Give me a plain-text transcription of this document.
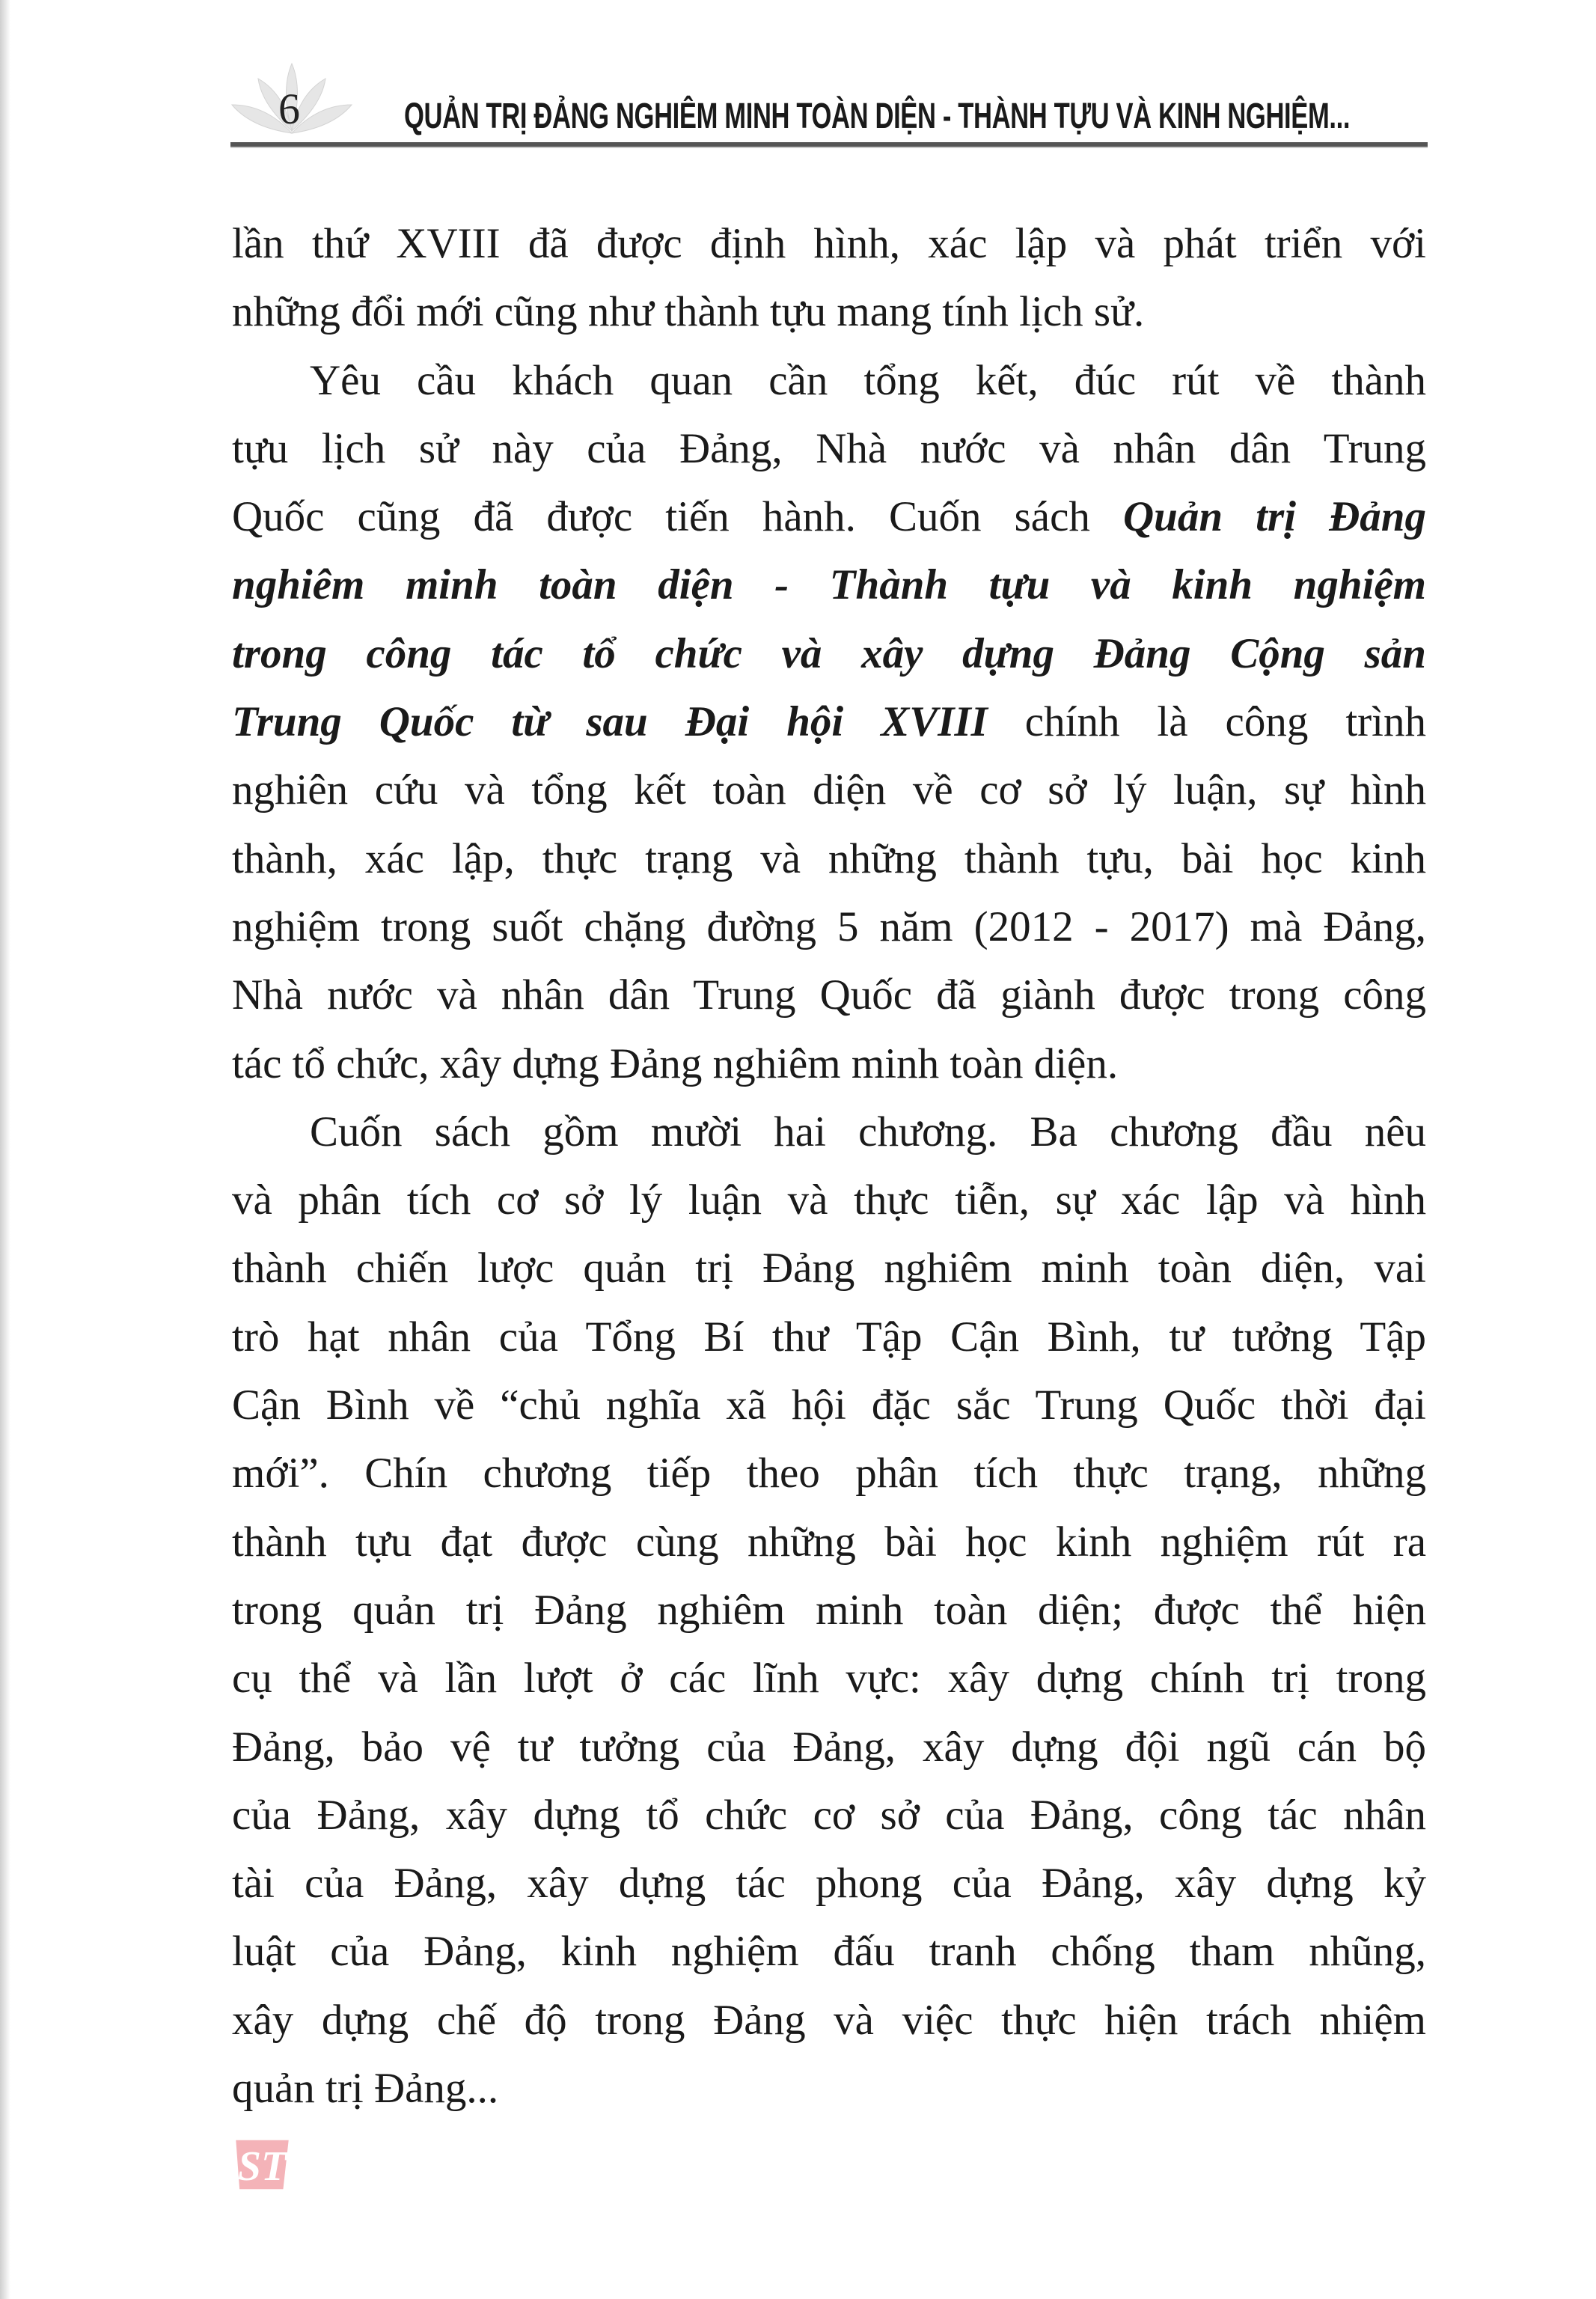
6	QUẢN TRỊ ĐẢNG NGHIÊM MINH TOÀN DIỆN - THÀNH TỰU VÀ KINH NGHIỆM...
lần thứ XVIII đã được định hình, xác lập và phát triển với
những đổi mới cũng như thành tựu mang tính lịch sử.
Yêu cầu khách quan cần tổng kết, đúc rút về thành
tựu lịch sử này của Đảng, Nhà nước và nhân dân Trung
Quốc cũng đã được tiến hành. Cuốn sách Quản trị Đảng
nghiêm minh toàn diện - Thành tựu và kinh nghiệm
trong công tác tổ chức và xây dựng Đảng Cộng sản
Trung Quốc từ sau Đại hội XVIII chính là công trình
nghiên cứu và tổng kết toàn diện về cơ sở lý luận, sự hình
thành, xác lập, thực trạng và những thành tựu, bài học kinh
nghiệm trong suốt chặng đường 5 năm (2012 - 2017) mà Đảng,
Nhà nước và nhân dân Trung Quốc đã giành được trong công
tác tổ chức, xây dựng Đảng nghiêm minh toàn diện.
Cuốn sách gồm mười hai chương. Ba chương đầu nêu
và phân tích cơ sở lý luận và thực tiễn, sự xác lập và hình
thành chiến lược quản trị Đảng nghiêm minh toàn diện, vai
trò hạt nhân của Tổng Bí thư Tập Cận Bình, tư tưởng Tập
Cận Bình về “chủ nghĩa xã hội đặc sắc Trung Quốc thời đại
mới”. Chín chương tiếp theo phân tích thực trạng, những
thành tựu đạt được cùng những bài học kinh nghiệm rút ra
trong quản trị Đảng nghiêm minh toàn diện; được thể hiện
cụ thể và lần lượt ở các lĩnh vực: xây dựng chính trị trong
Đảng, bảo vệ tư tưởng của Đảng, xây dựng đội ngũ cán bộ
của Đảng, xây dựng tổ chức cơ sở của Đảng, công tác nhân
tài của Đảng, xây dựng tác phong của Đảng, xây dựng kỷ
luật của Đảng, kinh nghiệm đấu tranh chống tham nhũng,
xây dựng chế độ trong Đảng và việc thực hiện trách nhiệm
quản trị Đảng...
ST
